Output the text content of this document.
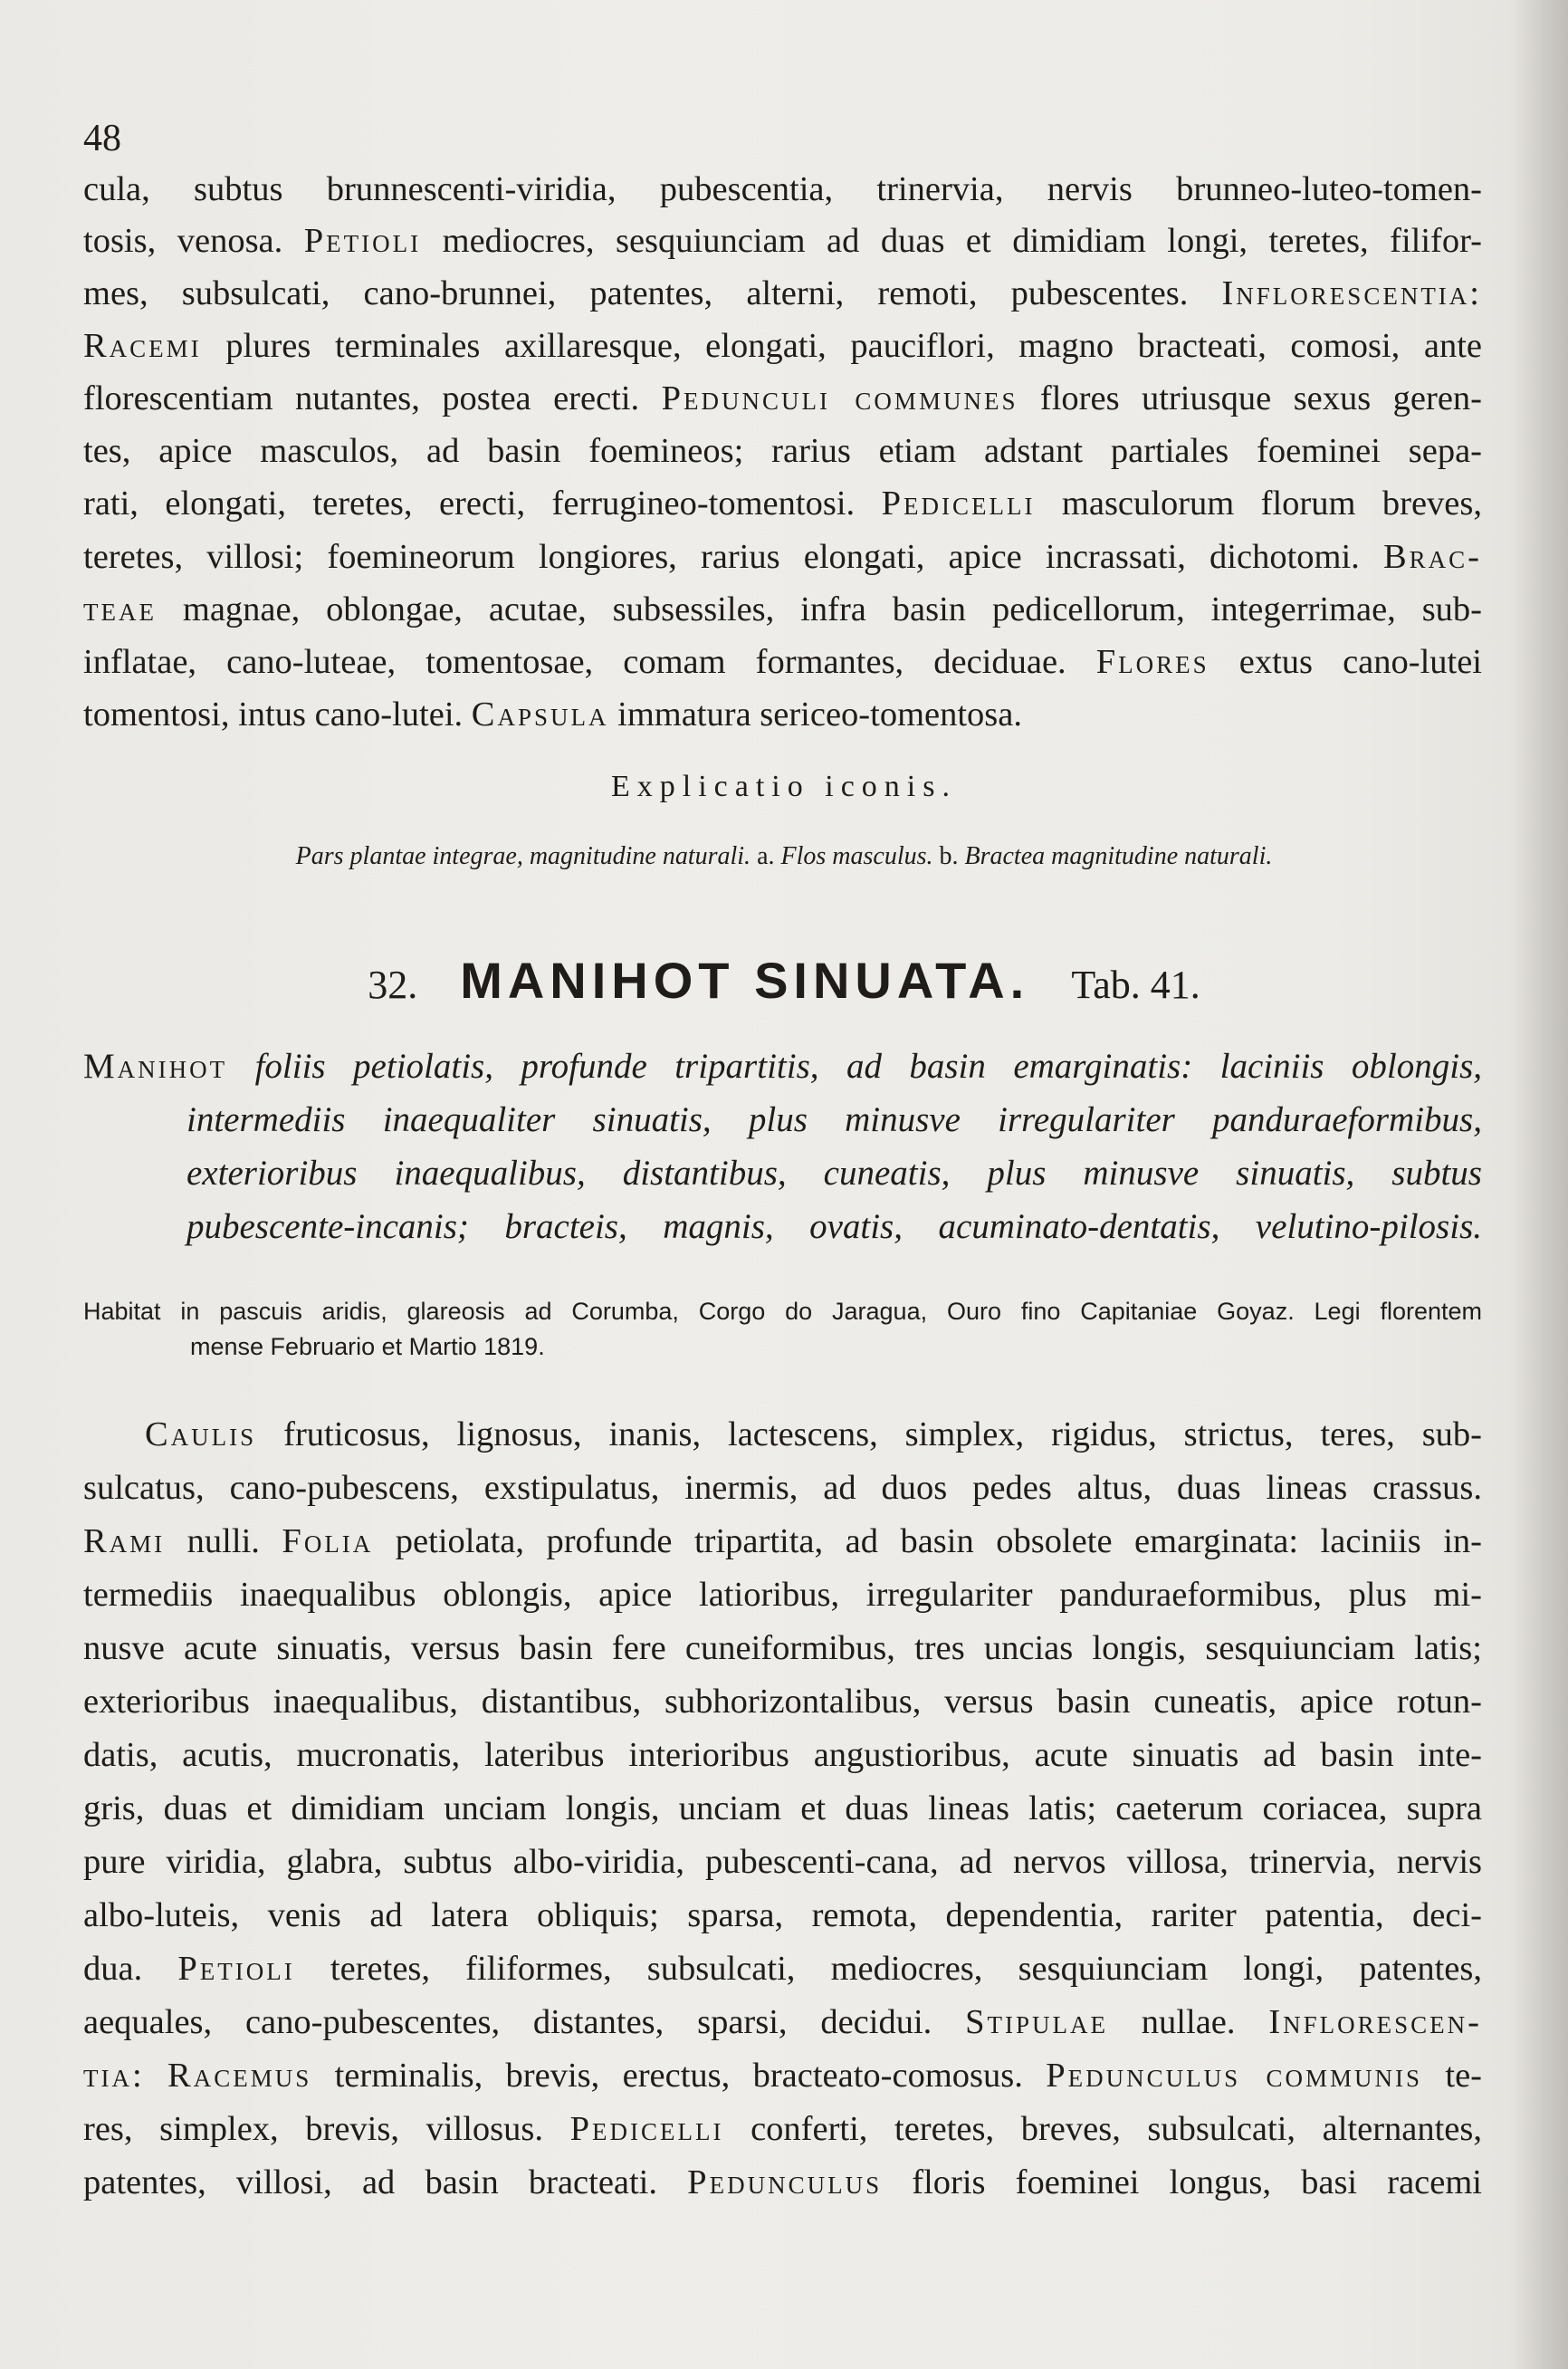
48
cula, subtus brunnescenti-viridia, pubescentia, trinervia, nervis brunneo-luteo-tomen-
tosis, venosa. Petioli mediocres, sesquiunciam ad duas et dimidiam longi, teretes, filifor-
mes, subsulcati, cano-brunnei, patentes, alterni, remoti, pubescentes. Inflorescentia:
Racemi plures terminales axillaresque, elongati, pauciflori, magno bracteati, comosi, ante
florescentiam nutantes, postea erecti. Pedunculi communes flores utriusque sexus geren-
tes, apice masculos, ad basin foemineos; rarius etiam adstant partiales foeminei sepa-
rati, elongati, teretes, erecti, ferrugineo-tomentosi. Pedicelli masculorum florum breves,
teretes, villosi; foemineorum longiores, rarius elongati, apice incrassati, dichotomi. Brac-
teae magnae, oblongae, acutae, subsessiles, infra basin pedicellorum, integerrimae, sub-
inflatae, cano-luteae, tomentosae, comam formantes, deciduae. Flores extus cano-lutei
tomentosi, intus cano-lutei. Capsula immatura sericeo-tomentosa.
Explicatio iconis.
Pars plantae integrae, magnitudine naturali. a. Flos masculus. b. Bractea magnitudine naturali.
32. MANIHOT SINUATA. Tab. 41.
Manihot foliis petiolatis, profunde tripartitis, ad basin emarginatis: laciniis oblongis,
intermediis inaequaliter sinuatis, plus minusve irregulariter panduraeformibus,
exterioribus inaequalibus, distantibus, cuneatis, plus minusve sinuatis, subtus
pubescente-incanis; bracteis, magnis, ovatis, acuminato-dentatis, velutino-pilosis.
Habitat in pascuis aridis, glareosis ad Corumba, Corgo do Jaragua, Ouro fino Capitaniae Goyaz. Legi florentem
mense Februario et Martio 1819.
Caulis fruticosus, lignosus, inanis, lactescens, simplex, rigidus, strictus, teres, sub-
sulcatus, cano-pubescens, exstipulatus, inermis, ad duos pedes altus, duas lineas crassus.
Rami nulli. Folia petiolata, profunde tripartita, ad basin obsolete emarginata: laciniis in-
termediis inaequalibus oblongis, apice latioribus, irregulariter panduraeformibus, plus mi-
nusve acute sinuatis, versus basin fere cuneiformibus, tres uncias longis, sesquiunciam latis;
exterioribus inaequalibus, distantibus, subhorizontalibus, versus basin cuneatis, apice rotun-
datis, acutis, mucronatis, lateribus interioribus angustioribus, acute sinuatis ad basin inte-
gris, duas et dimidiam unciam longis, unciam et duas lineas latis; caeterum coriacea, supra
pure viridia, glabra, subtus albo-viridia, pubescenti-cana, ad nervos villosa, trinervia, nervis
albo-luteis, venis ad latera obliquis; sparsa, remota, dependentia, rariter patentia, deci-
dua. Petioli teretes, filiformes, subsulcati, mediocres, sesquiunciam longi, patentes,
aequales, cano-pubescentes, distantes, sparsi, decidui. Stipulae nullae. Inflorescen-
tia: Racemus terminalis, brevis, erectus, bracteato-comosus. Pedunculus communis te-
res, simplex, brevis, villosus. Pedicelli conferti, teretes, breves, subsulcati, alternantes,
patentes, villosi, ad basin bracteati. Pedunculus floris foeminei longus, basi racemi
